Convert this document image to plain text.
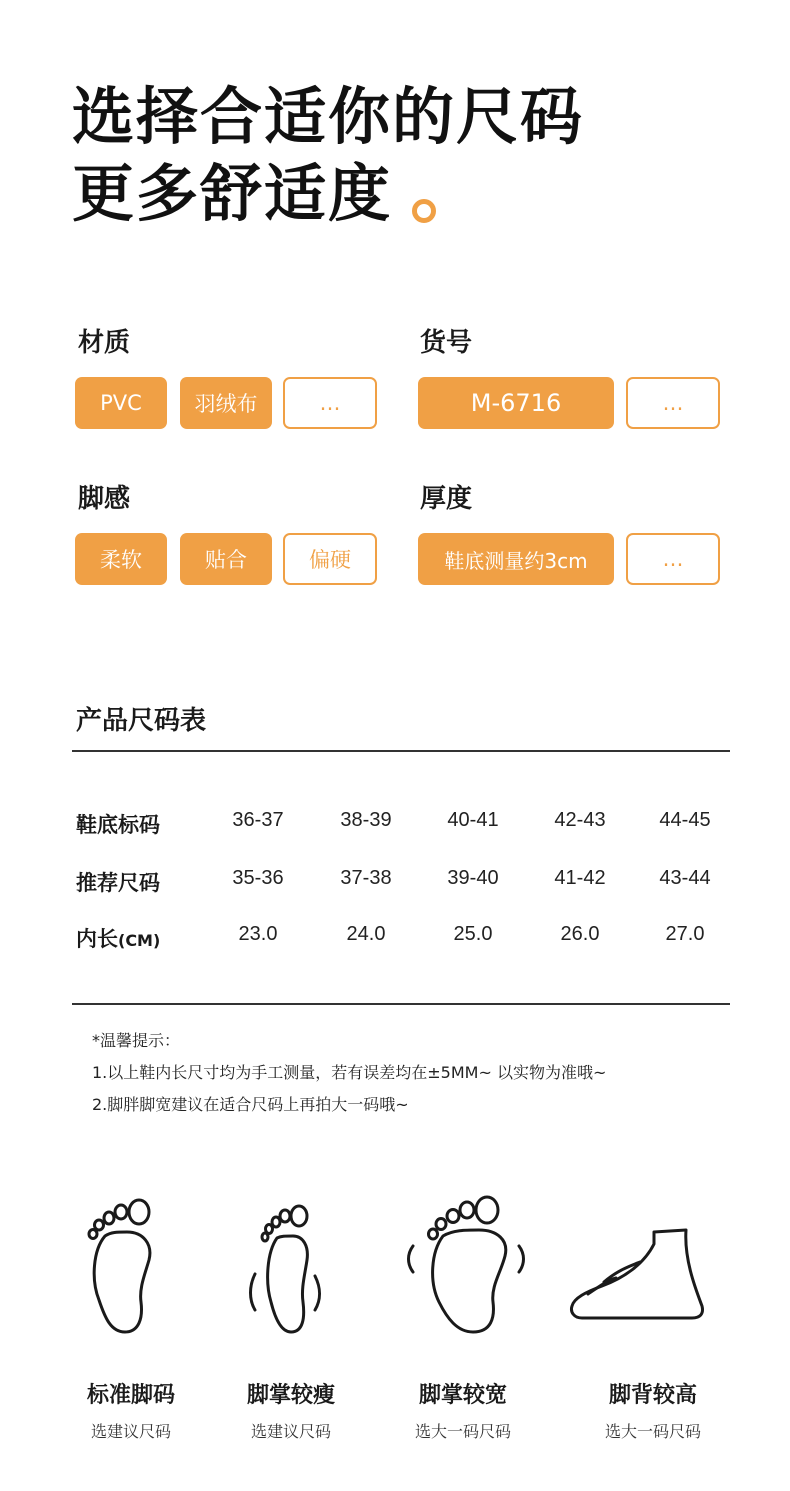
选择合适你的尺码
更多舒适度
材质
PVC	羽绒布	…
货号
M-6716	…
脚感
柔软	贴合	偏硬
厚度
鞋底测量约3cm	…
产品尺码表
鞋底标码	36-37	38-39	40-41	42-43	44-45
推荐尺码	35-36	37-38	39-40	41-42	43-44
内长(CM)	23.0	24.0	25.0	26.0	27.0
*温馨提示：
1.以上鞋内长尺寸均为手工测量，若有误差均在±5MM~ 以实物为准哦~
2.脚胖脚宽建议在适合尺码上再拍大一码哦~
标准脚码
选建议尺码
脚掌较瘦
选建议尺码
脚掌较宽
选大一码尺码
脚背较高
选大一码尺码
